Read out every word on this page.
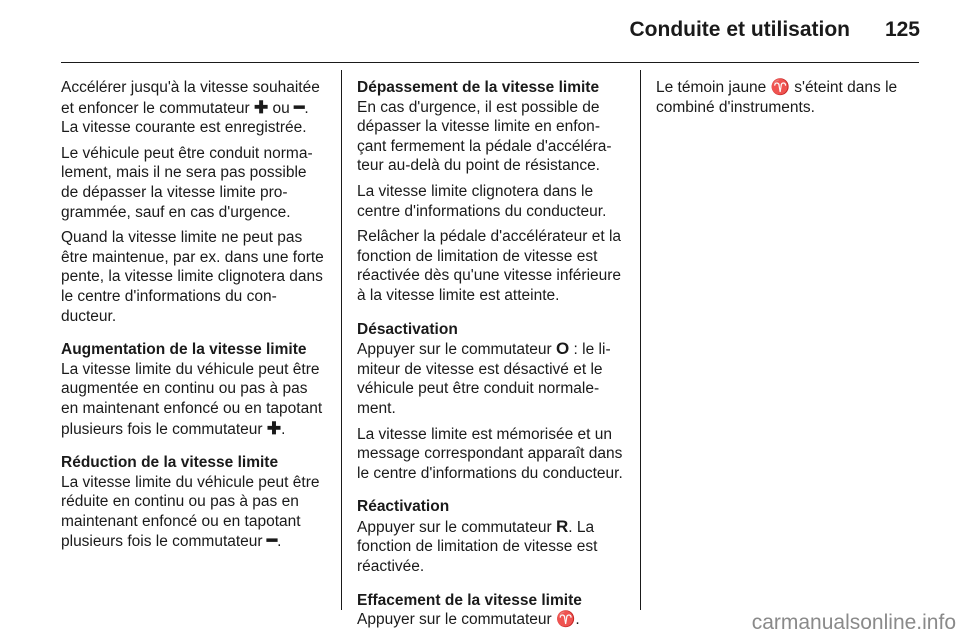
Conduite et utilisation	125

Accélérer jusqu'à la vitesse souhaitée et enfoncer le commutateur ✚ ou ━. La vitesse courante est enregistrée.

Le véhicule peut être conduit normalement, mais il ne sera pas possible de dépasser la vitesse limite programmée, sauf en cas d'urgence.

Quand la vitesse limite ne peut pas être maintenue, par ex. dans une forte pente, la vitesse limite clignotera dans le centre d'informations du conducteur.

Augmentation de la vitesse limite

La vitesse limite du véhicule peut être augmentée en continu ou pas à pas en maintenant enfoncé ou en tapotant plusieurs fois le commutateur ✚.

Réduction de la vitesse limite

La vitesse limite du véhicule peut être réduite en continu ou pas à pas en maintenant enfoncé ou en tapotant plusieurs fois le commutateur ━.

Dépassement de la vitesse limite

En cas d'urgence, il est possible de dépasser la vitesse limite en enfonçant fermement la pédale d'accélérateur au-delà du point de résistance.

La vitesse limite clignotera dans le centre d'informations du conducteur.

Relâcher la pédale d'accélérateur et la fonction de limitation de vitesse est réactivée dès qu'une vitesse inférieure à la vitesse limite est atteinte.

Désactivation

Appuyer sur le commutateur O : le limiteur de vitesse est désactivé et le véhicule peut être conduit normalement.

La vitesse limite est mémorisée et un message correspondant apparaît dans le centre d'informations du conducteur.

Réactivation

Appuyer sur le commutateur R. La fonction de limitation de vitesse est réactivée.

Effacement de la vitesse limite

Appuyer sur le commutateur ♈.

Le témoin jaune ♈ s'éteint dans le combiné d'instruments.

carmanualsonline.info
